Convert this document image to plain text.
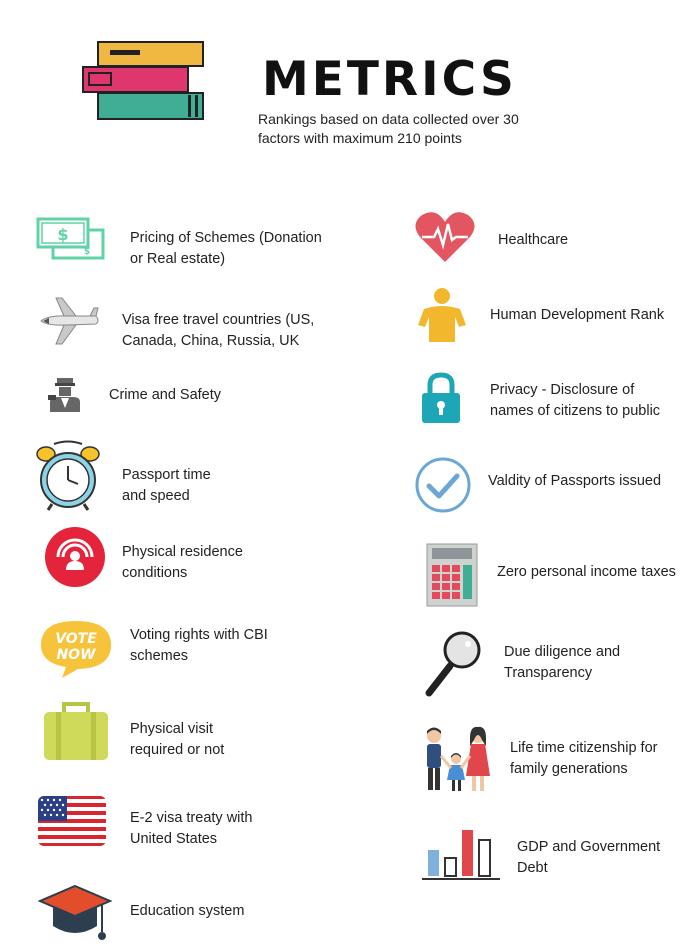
METRICS
Rankings based on data collected over 30 factors with maximum 210 points
$
$
Pricing of Schemes (Donation
or Real estate)
Visa free travel countries (US,
Canada, China, Russia, UK
Crime and Safety
Passport time
and speed
Physical residence
conditions
VOTE
NOW
Voting rights with CBI
schemes
Physical visit
required or not
E-2 visa treaty with
United States
Education system
Healthcare
Human Development Rank
Privacy - Disclosure of
names of citizens to public
Valdity of Passports issued
Zero personal income taxes
Due diligence and
Transparency
Life time citizenship for
family generations
GDP and Government
Debt
